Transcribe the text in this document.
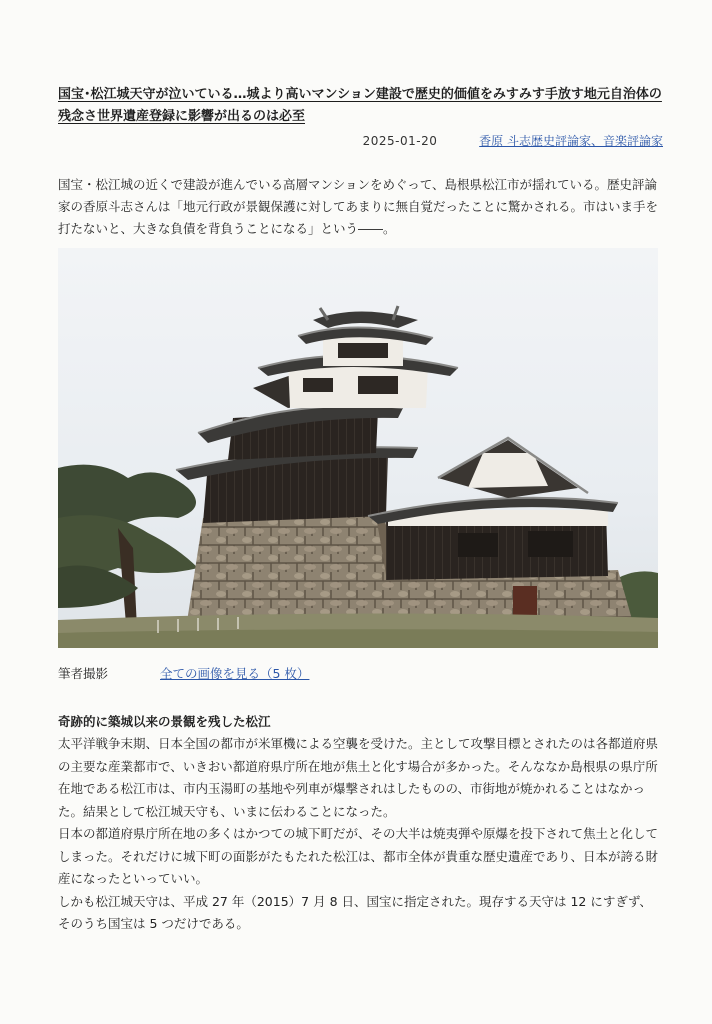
国宝･松江城天守が泣いている…城より高いマンション建設で歴史的価値をみすみす手放す地元自治体の残念さ世界遺産登録に影響が出るのは必至
2025-01-20	香原 斗志歴史評論家、音楽評論家

国宝・松江城の近くで建設が進んでいる高層マンションをめぐって、島根県松江市が揺れている。歴史評論家の香原斗志さんは「地元行政が景観保護に対してあまりに無自覚だったことに驚かされる。市はいま手を打たないと、大きな負債を背負うことになる」という――。

筆者撮影	全ての画像を見る（5 枚）
奇跡的に築城以来の景観を残した松江

太平洋戦争末期、日本全国の都市が米軍機による空襲を受けた。主として攻撃目標とされたのは各都道府県の主要な産業都市で、いきおい都道府県庁所在地が焦土と化す場合が多かった。そんななか島根県の県庁所在地である松江市は、市内玉湯町の基地や列車が爆撃されはしたものの、市街地が焼かれることはなかった。結果として松江城天守も、いまに伝わることになった。

日本の都道府県庁所在地の多くはかつての城下町だが、その大半は焼夷弾や原爆を投下されて焦土と化してしまった。それだけに城下町の面影がたもたれた松江は、都市全体が貴重な歴史遺産であり、日本が誇る財産になったといっていい。

しかも松江城天守は、平成 27 年（2015）7 月 8 日、国宝に指定された。現存する天守は 12 にすぎず、そのうち国宝は 5 つだけである。
